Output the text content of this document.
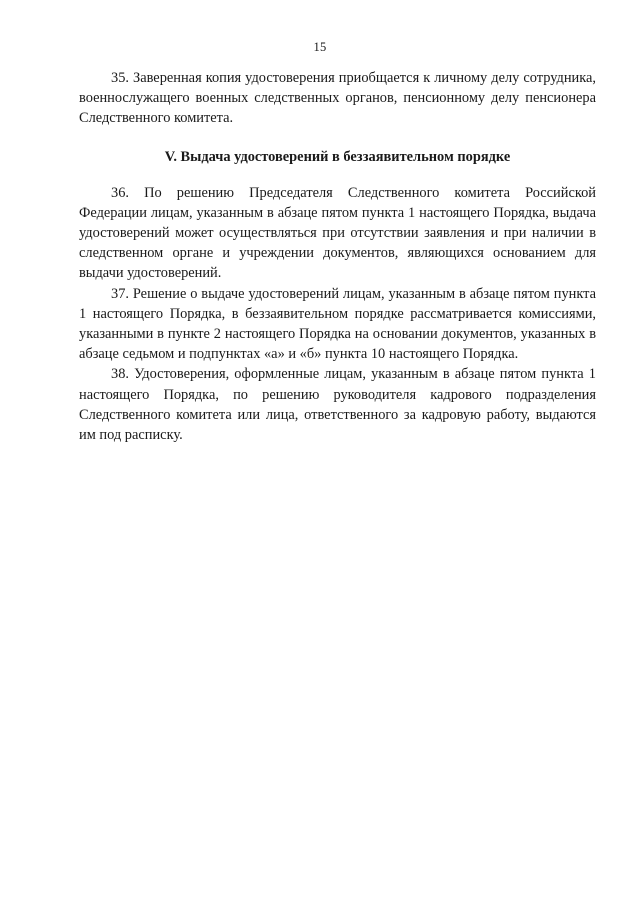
15

35. Заверенная копия удостоверения приобщается к личному делу сотрудника, военнослужащего военных следственных органов, пенсионному делу пенсионера Следственного комитета.

V. Выдача удостоверений в беззаявительном порядке

36. По решению Председателя Следственного комитета Российской Федерации лицам, указанным в абзаце пятом пункта 1 настоящего Порядка, выдача удостоверений может осуществляться при отсутствии заявления и при наличии в следственном органе и учреждении документов, являющихся основанием для выдачи удостоверений.

37. Решение о выдаче удостоверений лицам, указанным в абзаце пятом пункта 1 настоящего Порядка, в беззаявительном порядке рассматривается комиссиями, указанными в пункте 2 настоящего Порядка на основании документов, указанных в абзаце седьмом и подпунктах «а» и «б» пункта 10 настоящего Порядка.

38. Удостоверения, оформленные лицам, указанным в абзаце пятом пункта 1 настоящего Порядка, по решению руководителя кадрового подразделения Следственного комитета или лица, ответственного за кадровую работу, выдаются им под расписку.
